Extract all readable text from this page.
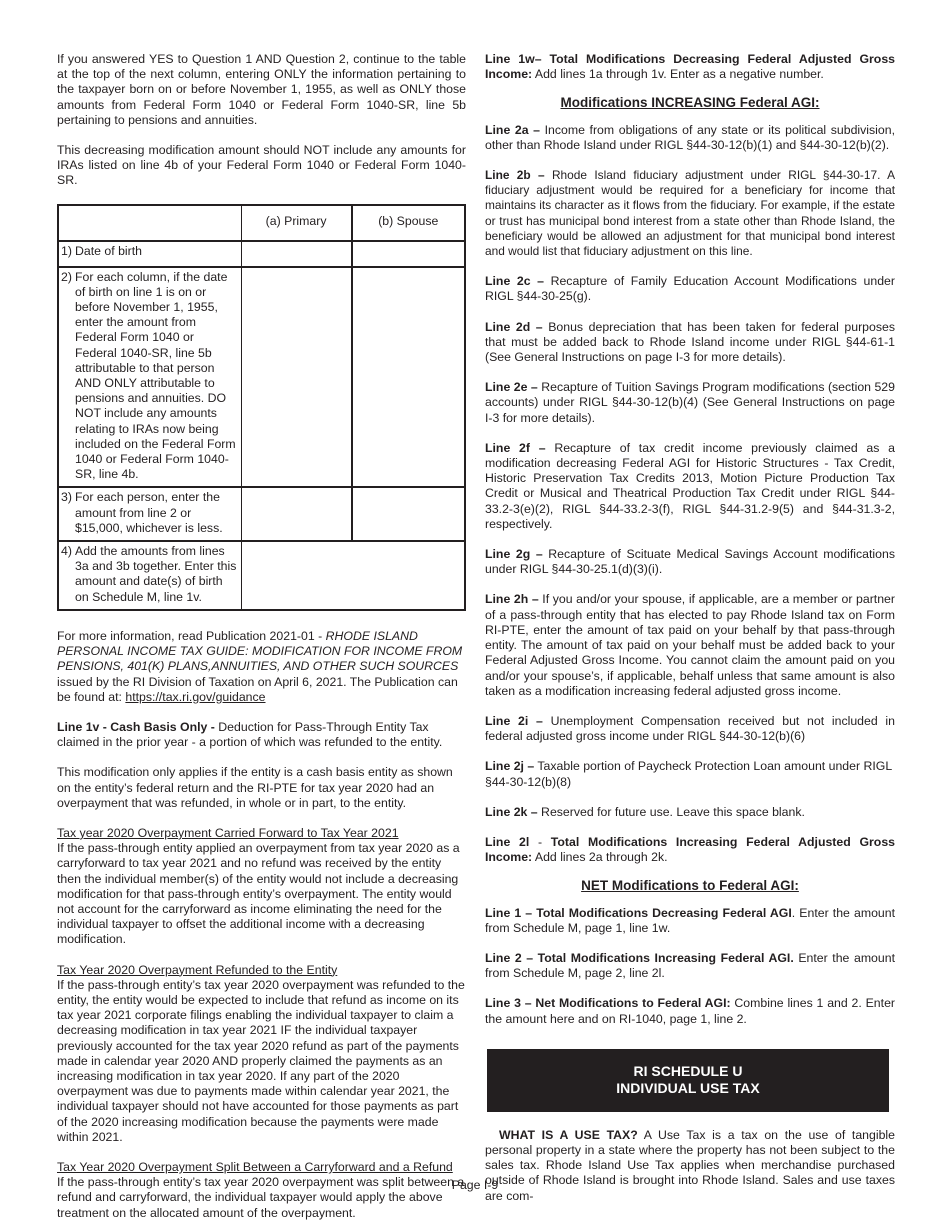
If you answered YES to Question 1 AND Question 2, continue to the table at the top of the next column, entering ONLY the information pertaining to the taxpayer born on or before November 1, 1955, as well as ONLY those amounts from Federal Form 1040 or Federal Form 1040-SR, line 5b pertaining to pensions and annuities.

This decreasing modification amount should NOT include any amounts for IRAs listed on line 4b of your Federal Form 1040 or Federal Form 1040-SR.

	(a) Primary	(b) Spouse

1) Date of birth		

2) For each column, if the date of birth on line 1 is on or before November 1, 1955, enter the amount from Federal Form 1040 or Federal 1040-SR, line 5b attributable to that person AND ONLY attributable to pensions and annuities. DO NOT include any amounts relating to IRAs now being included on the Federal Form 1040 or Federal Form 1040-SR, line 4b.		

3) For each person, enter the amount from line 2 or $15,000, whichever is less.		

4) Add the amounts from lines 3a and 3b together. Enter this amount and date(s) of birth on Schedule M, line 1v.		

For more information, read Publication 2021-01 - RHODE ISLAND PERSONAL INCOME TAX GUIDE: MODIFICATION FOR INCOME FROM PENSIONS, 401(K) PLANS,ANNUITIES, AND OTHER SUCH SOURCES issued by the RI Division of Taxation on April 6, 2021. The Publication can be found at: https://tax.ri.gov/guidance

Line 1v - Cash Basis Only - Deduction for Pass-Through Entity Tax claimed in the prior year - a portion of which was refunded to the entity.

This modification only applies if the entity is a cash basis entity as shown on the entity’s federal return and the RI-PTE for tax year 2020 had an overpayment that was refunded, in whole or in part, to the entity.

Tax year 2020 Overpayment Carried Forward to Tax Year 2021
If the pass-through entity applied an overpayment from tax year 2020 as a carryforward to tax year 2021 and no refund was received by the entity then the individual member(s) of the entity would not include a decreasing modification for that pass-through entity’s overpayment. The entity would not account for the carryforward as income eliminating the need for the individual taxpayer to offset the additional income with a decreasing modification.

Tax Year 2020 Overpayment Refunded to the Entity
If the pass-through entity’s tax year 2020 overpayment was refunded to the entity, the entity would be expected to include that refund as income on its tax year 2021 corporate filings enabling the individual taxpayer to claim a decreasing modification in tax year 2021 IF the individual taxpayer previously accounted for the tax year 2020 refund as part of the payments made in calendar year 2020 AND properly claimed the payments as an increasing modification in tax year 2020. If any part of the 2020 overpayment was due to payments made within calendar year 2021, the individual taxpayer should not have accounted for those payments as part of the 2020 increasing modification because the payments were made within 2021.

Tax Year 2020 Overpayment Split Between a Carryforward and a Refund
If the pass-through entity’s tax year 2020 overpayment was split between a refund and carryforward, the individual taxpayer would apply the above treatment on the allocated amount of the overpayment.

Line 1w– Total Modifications Decreasing Federal Adjusted Gross Income: Add lines 1a through 1v. Enter as a negative number.

Modifications INCREASING Federal AGI:

Line 2a – Income from obligations of any state or its political subdivision, other than Rhode Island under RIGL §44-30-12(b)(1) and §44-30-12(b)(2).

Line 2b – Rhode Island fiduciary adjustment under RIGL §44-30-17. A fiduciary adjustment would be required for a beneficiary for income that maintains its character as it flows from the fiduciary. For example, if the estate or trust has municipal bond interest from a state other than Rhode Island, the beneficiary would be allowed an adjustment for that municipal bond interest and would list that fiduciary adjustment on this line.

Line 2c – Recapture of Family Education Account Modifications under RIGL §44-30-25(g).

Line 2d – Bonus depreciation that has been taken for federal purposes that must be added back to Rhode Island income under RIGL §44-61-1 (See General Instructions on page I-3 for more details).

Line 2e – Recapture of Tuition Savings Program modifications (section 529 accounts) under RIGL §44-30-12(b)(4) (See General Instructions on page I-3 for more details).

Line 2f – Recapture of tax credit income previously claimed as a modification decreasing Federal AGI for Historic Structures - Tax Credit, Historic Preservation Tax Credits 2013, Motion Picture Production Tax Credit or Musical and Theatrical Production Tax Credit under RIGL §44-33.2-3(e)(2), RIGL §44-33.2-3(f), RIGL §44-31.2-9(5) and §44-31.3-2, respectively.

Line 2g – Recapture of Scituate Medical Savings Account modifications under RIGL §44-30-25.1(d)(3)(i).

Line 2h – If you and/or your spouse, if applicable, are a member or partner of a pass-through entity that has elected to pay Rhode Island tax on Form RI-PTE, enter the amount of tax paid on your behalf by that pass-through entity. The amount of tax paid on your behalf must be added back to your Federal Adjusted Gross Income. You cannot claim the amount paid on you and/or your spouse’s, if applicable, behalf unless that same amount is also taken as a modification increasing federal adjusted gross income.

Line 2i – Unemployment Compensation received but not included in federal adjusted gross income under RIGL §44-30-12(b)(6)

Line 2j – Taxable portion of Paycheck Protection Loan amount under RIGL §44-30-12(b)(8)

Line 2k – Reserved for future use. Leave this space blank.

Line 2l - Total Modifications Increasing Federal Adjusted Gross Income: Add lines 2a through 2k.

NET Modifications to Federal AGI:

Line 1 – Total Modifications Decreasing Federal AGI. Enter the amount from Schedule M, page 1, line 1w.

Line 2 – Total Modifications Increasing Federal AGI. Enter the amount from Schedule M, page 2, line 2l.

Line 3 – Net Modifications to Federal AGI: Combine lines 1 and 2. Enter the amount here and on RI-1040, page 1, line 2.

RI SCHEDULE U
INDIVIDUAL USE TAX

WHAT IS A USE TAX? A Use Tax is a tax on the use of tangible personal property in a state where the property has not been subject to the sales tax. Rhode Island Use Tax applies when merchandise purchased outside of Rhode Island is brought into Rhode Island. Sales and use taxes are com-

Page I-9
